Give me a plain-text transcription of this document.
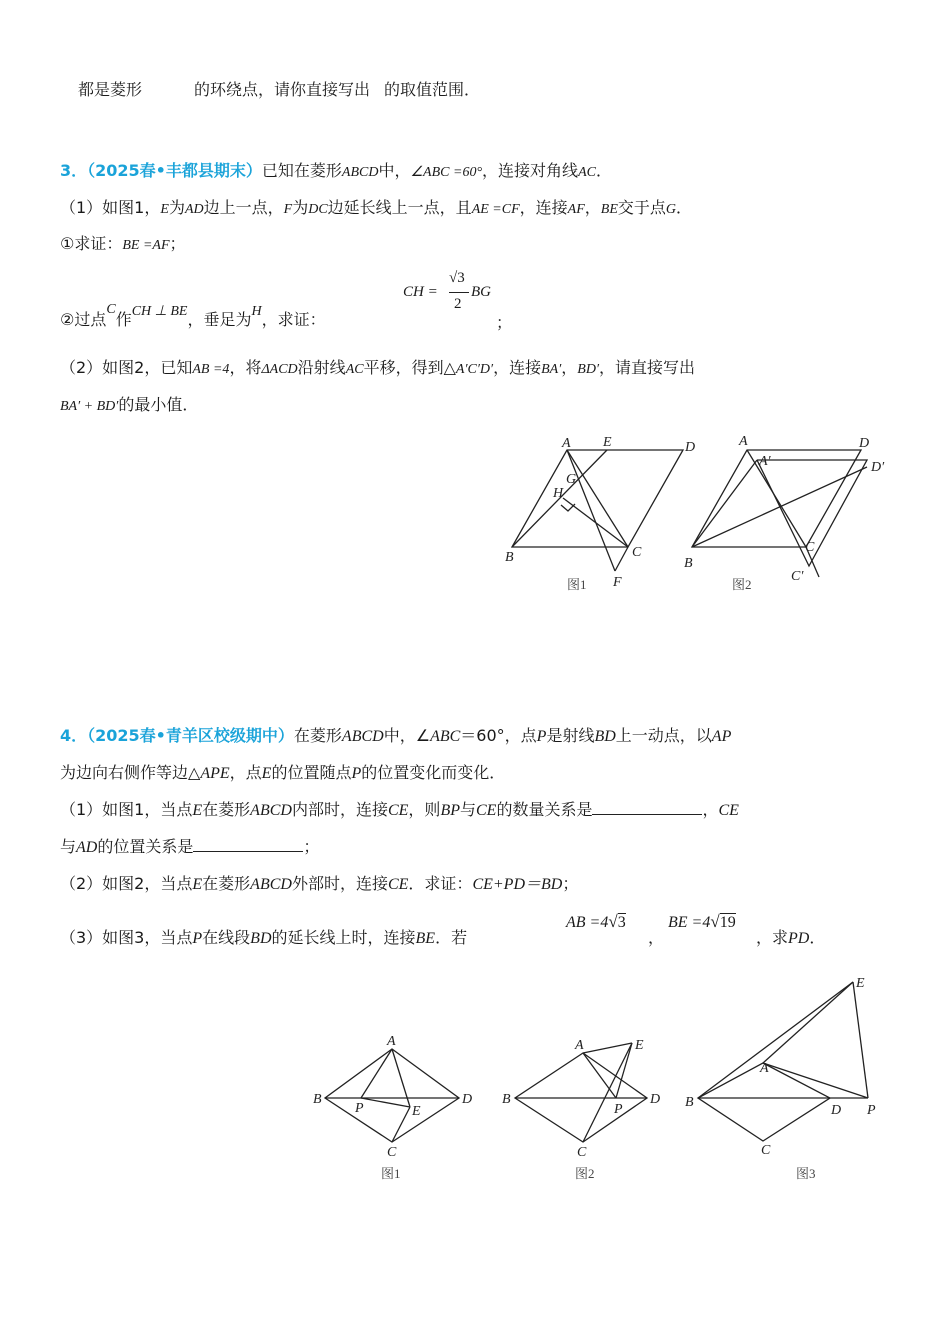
都是菱形	的环绕点，请你直接写出 的取值范围．
3．（2025春•丰都县期末）已知在菱形ABCD中，∠ABC =60°，连接对角线AC．
（1）如图1，E为AD边上一点，F为DC边延长线上一点，且AE =CF，连接AF，BE交于点G．
①求证：BE =AF；
②过点C作CH ⊥ BE，垂足为H，求证：
CH =
√3
2
BG
；
（2）如图2，已知AB =4，将ΔACD沿射线AC平移，得到△A′C′D′，连接BA′，BD′，请直接写出
BA′ + BD′的最小值．
A E	D
G
H
B	C
F
图1
A	D
A′	D′
B
C
C′
图2
4．（2025春•青羊区校级期中）在菱形ABCD中，∠ABC＝60°，点P是射线BD上一动点，以AP
为边向右侧作等边△APE，点E的位置随点P的位置变化而变化．
（1）如图1，当点E在菱形ABCD内部时，连接CE，则BP与CE的数量关系是	，CE
与AD的位置关系是	；
（2）如图2，当点E在菱形ABCD外部时，连接CE．求证：CE+PD＝BD；
（3）如图3，当点P在线段BD的延长线上时，连接BE．若
AB =4√3
，
BE =4√19
，求PD．
A
B	D
P	E
C
图1
A	E
B	D
P
C
图2
E
A
B
D P
C
图3
